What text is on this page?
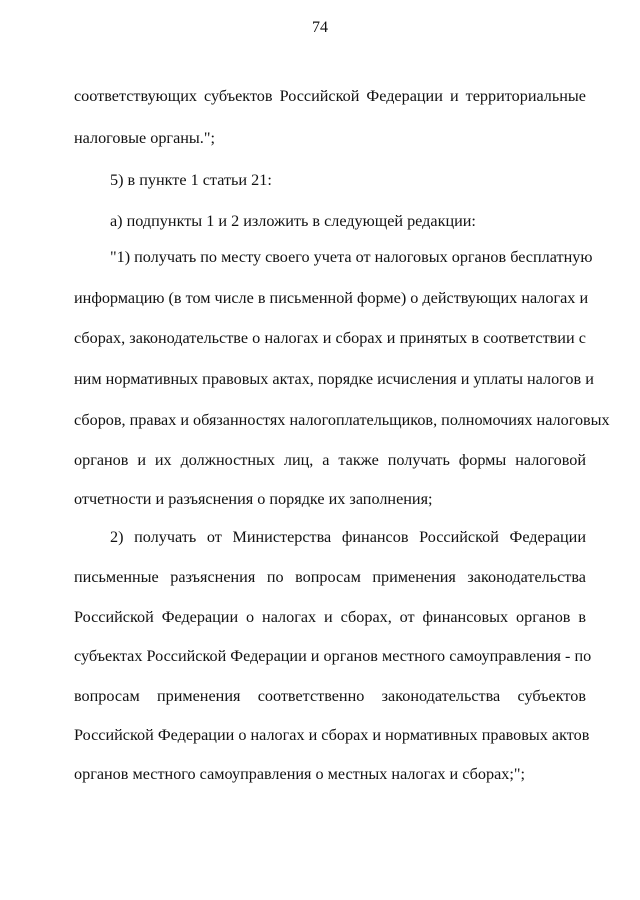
74
соответствующих субъектов Российской Федерации и территориальные
налоговые органы.";
5) в пункте 1 статьи 21:
а) подпункты 1 и 2 изложить в следующей редакции:
"1) получать по месту своего учета от налоговых органов бесплатную
информацию (в том числе в письменной форме) о действующих налогах и
сборах, законодательстве о налогах и сборах и принятых в соответствии с
ним нормативных правовых актах, порядке исчисления и уплаты налогов и
сборов, правах и обязанностях налогоплательщиков, полномочиях налоговых
органов и их должностных лиц, а также получать формы налоговой
отчетности и разъяснения о порядке их заполнения;
2) получать от Министерства финансов Российской Федерации
письменные разъяснения по вопросам применения законодательства
Российской Федерации о налогах и сборах, от финансовых органов в
субъектах Российской Федерации и органов местного самоуправления - по
вопросам применения соответственно законодательства субъектов
Российской Федерации о налогах и сборах и нормативных правовых актов
органов местного самоуправления о местных налогах и сборах;";
